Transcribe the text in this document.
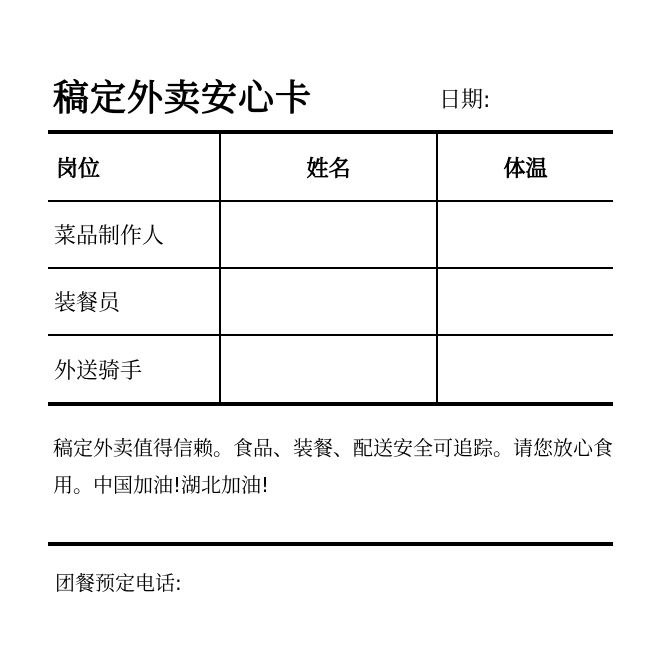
稿定外卖安心卡	日期:
岗位	姓名	体温
菜品制作人		
装餐员		
外送骑手		
稿定外卖值得信赖。食品、装餐、配送安全可追踪。请您放心食用。中国加油!湖北加油!
团餐预定电话:
